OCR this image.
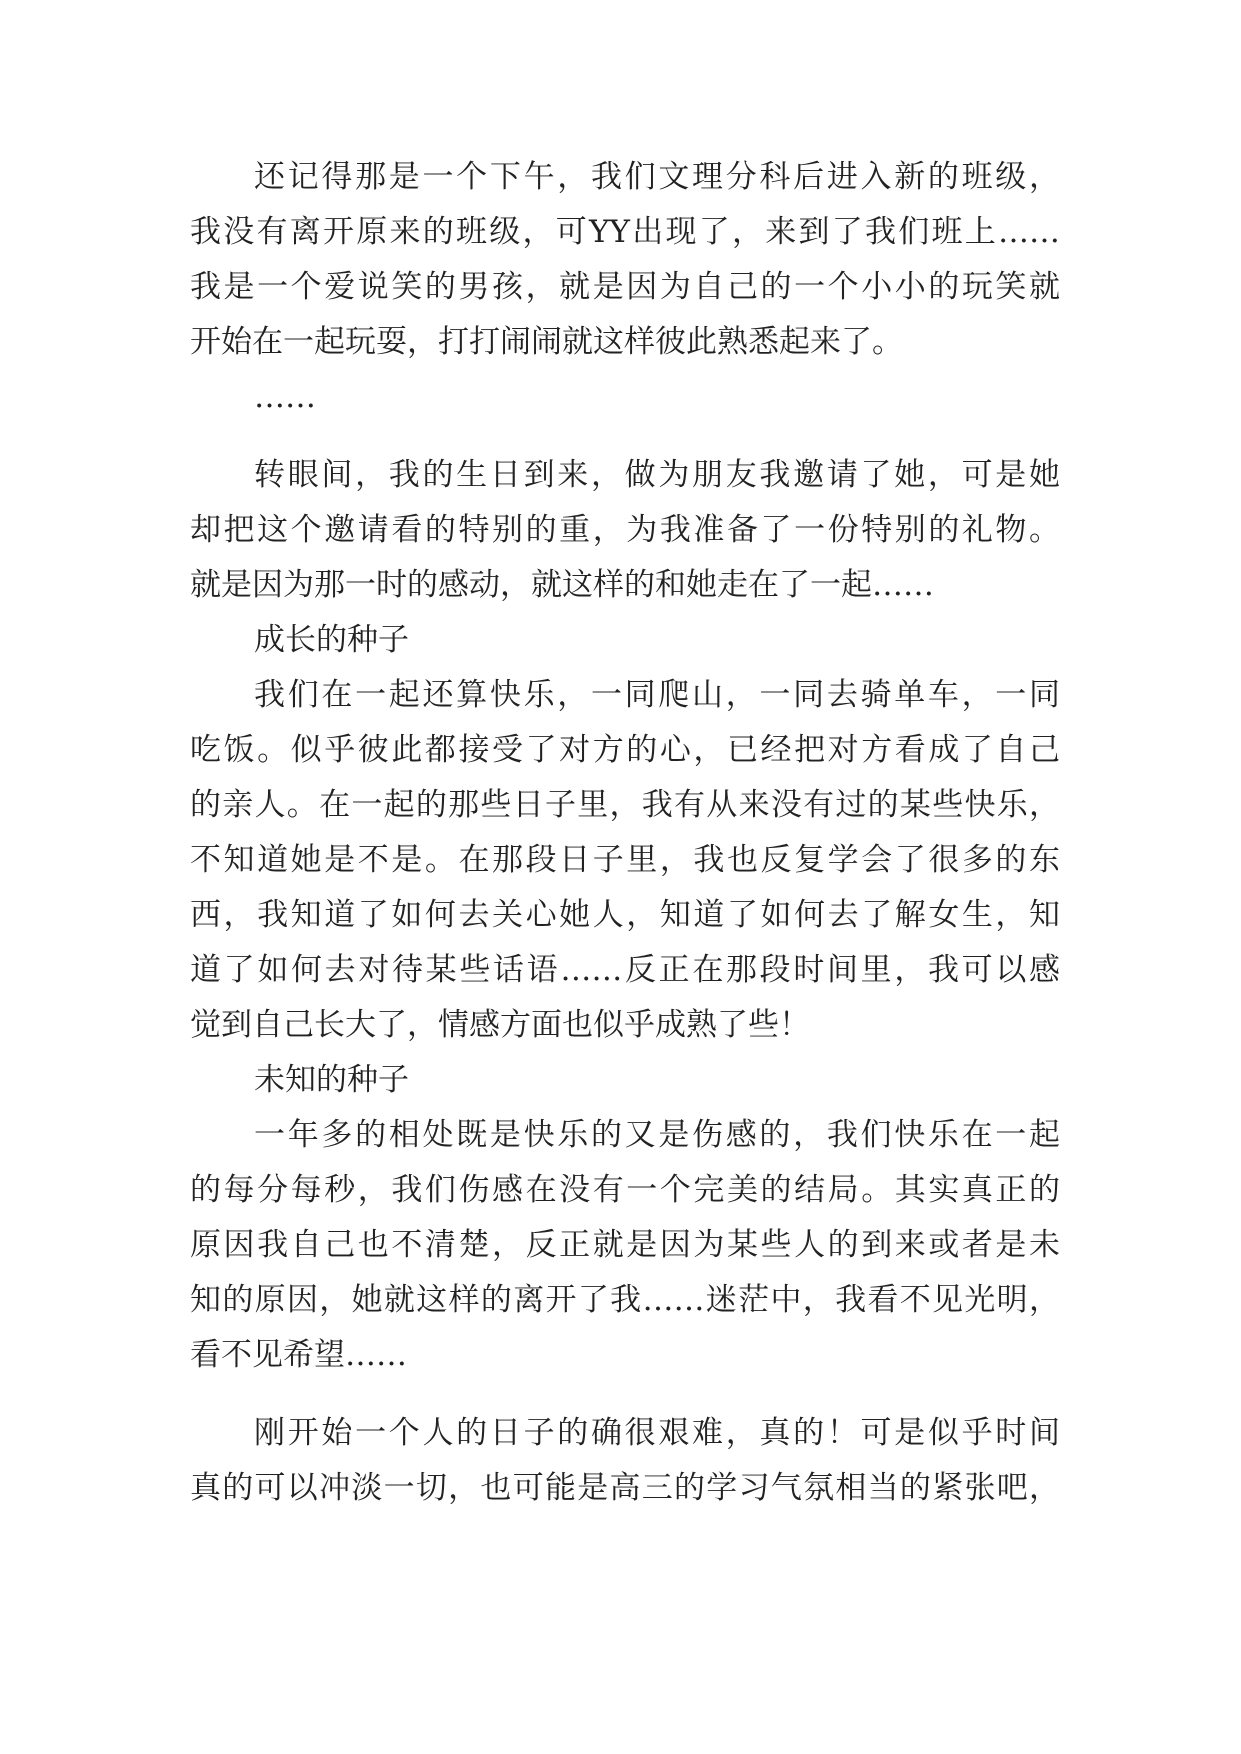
还记得那是一个下午，我们文理分科后进入新的班级，
我没有离开原来的班级，可YY出现了，来到了我们班上……
我是一个爱说笑的男孩，就是因为自己的一个小小的玩笑就
开始在一起玩耍，打打闹闹就这样彼此熟悉起来了。
……
转眼间，我的生日到来，做为朋友我邀请了她，可是她
却把这个邀请看的特别的重，为我准备了一份特别的礼物。
就是因为那一时的感动，就这样的和她走在了一起……
成长的种子
我们在一起还算快乐，一同爬山，一同去骑单车，一同
吃饭。似乎彼此都接受了对方的心，已经把对方看成了自己
的亲人。在一起的那些日子里，我有从来没有过的某些快乐，
不知道她是不是。在那段日子里，我也反复学会了很多的东
西，我知道了如何去关心她人，知道了如何去了解女生，知
道了如何去对待某些话语……反正在那段时间里，我可以感
觉到自己长大了，情感方面也似乎成熟了些！
未知的种子
一年多的相处既是快乐的又是伤感的，我们快乐在一起
的每分每秒，我们伤感在没有一个完美的结局。其实真正的
原因我自己也不清楚，反正就是因为某些人的到来或者是未
知的原因，她就这样的离开了我……迷茫中，我看不见光明，
看不见希望……
刚开始一个人的日子的确很艰难，真的！可是似乎时间
真的可以冲淡一切，也可能是高三的学习气氛相当的紧张吧，
